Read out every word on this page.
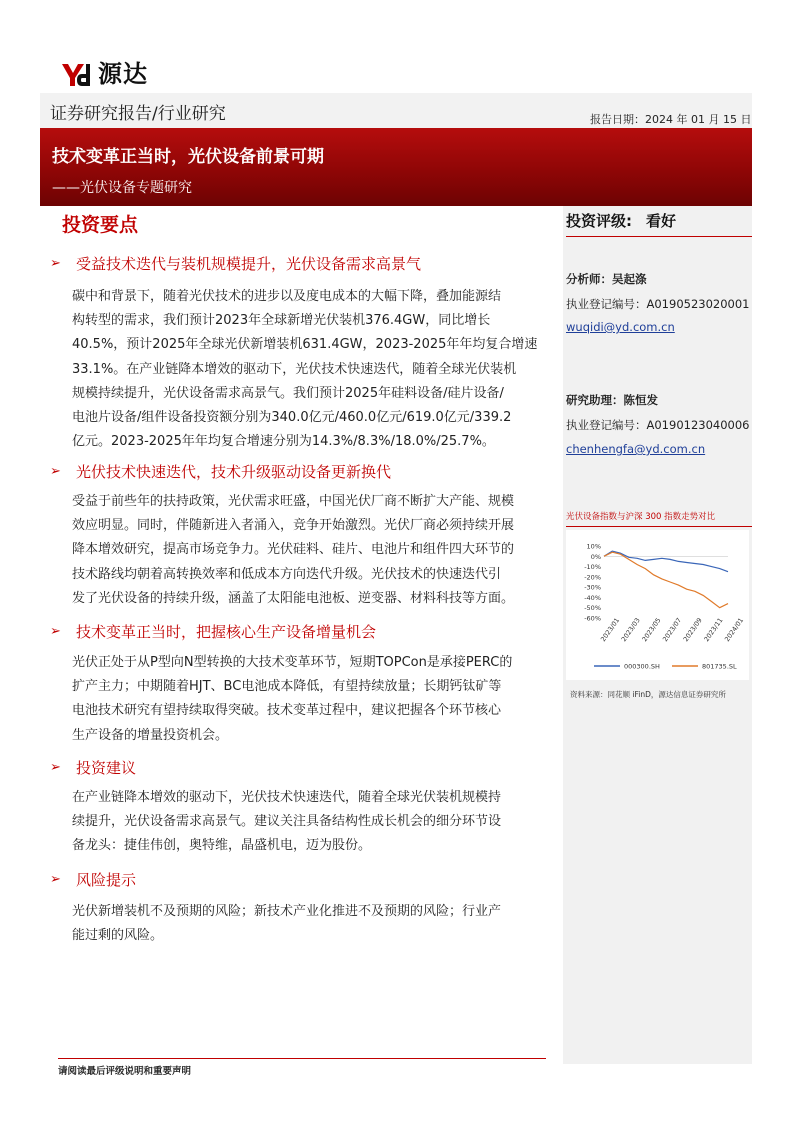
源达
证券研究报告/行业研究	报告日期：2024 年 01 月 15 日
技术变革正当时，光伏设备前景可期
——光伏设备专题研究
投资要点
➢	受益技术迭代与装机规模提升，光伏设备需求高景气
碳中和背景下，随着光伏技术的进步以及度电成本的大幅下降，叠加能源结
构转型的需求，我们预计2023年全球新增光伏装机376.4GW，同比增长
40.5%，预计2025年全球光伏新增装机631.4GW，2023-2025年年均复合增速
33.1%。在产业链降本增效的驱动下，光伏技术快速迭代，随着全球光伏装机
规模持续提升，光伏设备需求高景气。我们预计2025年硅料设备/硅片设备/
电池片设备/组件设备投资额分别为340.0亿元/460.0亿元/619.0亿元/339.2
亿元。2023-2025年年均复合增速分别为14.3%/8.3%/18.0%/25.7%。
➢	光伏技术快速迭代，技术升级驱动设备更新换代
受益于前些年的扶持政策，光伏需求旺盛，中国光伏厂商不断扩大产能、规模
效应明显。同时，伴随新进入者涌入，竞争开始激烈。光伏厂商必须持续开展
降本增效研究，提高市场竞争力。光伏硅料、硅片、电池片和组件四大环节的
技术路线均朝着高转换效率和低成本方向迭代升级。光伏技术的快速迭代引
发了光伏设备的持续升级，涵盖了太阳能电池板、逆变器、材料科技等方面。
➢	技术变革正当时，把握核心生产设备增量机会
光伏正处于从P型向N型转换的大技术变革环节，短期TOPCon是承接PERC的
扩产主力；中期随着HJT、BC电池成本降低，有望持续放量；长期钙钛矿等
电池技术研究有望持续取得突破。技术变革过程中，建议把握各个环节核心
生产设备的增量投资机会。
➢	投资建议
在产业链降本增效的驱动下，光伏技术快速迭代，随着全球光伏装机规模持
续提升，光伏设备需求高景气。建议关注具备结构性成长机会的细分环节设
备龙头：捷佳伟创，奥特维，晶盛机电，迈为股份。
➢	风险提示
光伏新增装机不及预期的风险；新技术产业化推进不及预期的风险；行业产
能过剩的风险。
投资评级: 看好
分析师：吴起涤
执业登记编号：A0190523020001
wuqidi@yd.com.cn
研究助理：陈恒发
执业登记编号：A0190123040006
chenhengfa@yd.com.cn
光伏设备指数与沪深 300 指数走势对比
10%
0%
-10%
-20%
-30%
-40%
-50%
-60%
2023/01
2023/03
2023/05
2023/07
2023/09
2023/11
2024/01
000300.SH	801735.SL
资料来源：同花顺 iFinD，源达信息证券研究所
请阅读最后评级说明和重要声明
